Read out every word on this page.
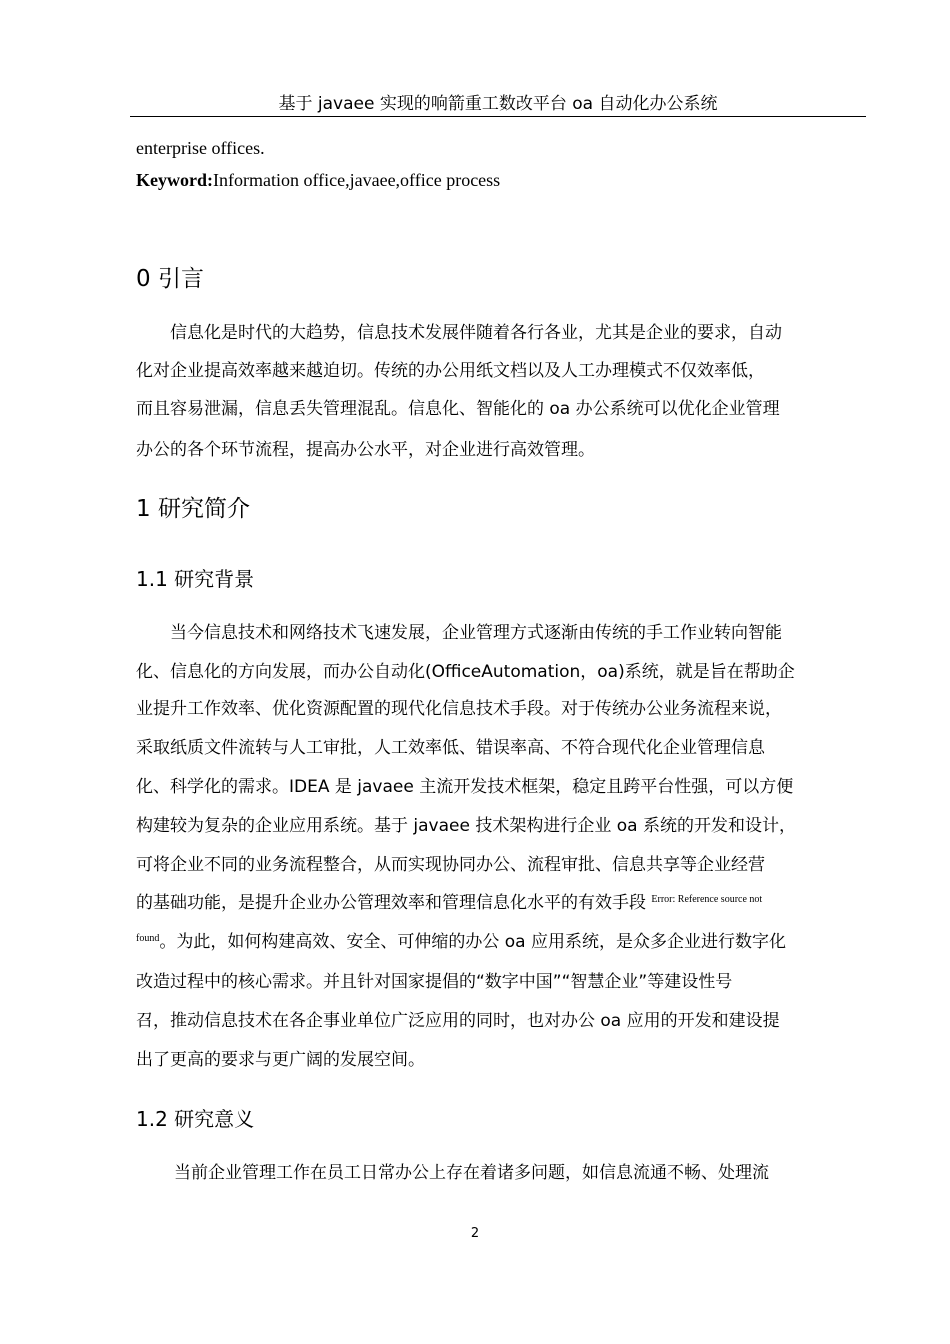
基于 javaee 实现的响箭重工数改平台 oa 自动化办公系统
enterprise offices.
Keyword:Information office,javaee,office process
0 引言
信息化是时代的大趋势，信息技术发展伴随着各行各业，尤其是企业的要求，自动
化对企业提高效率越来越迫切。传统的办公用纸文档以及人工办理模式不仅效率低，
而且容易泄漏，信息丢失管理混乱。信息化、智能化的 oa 办公系统可以优化企业管理
办公的各个环节流程，提高办公水平，对企业进行高效管理。
1 研究简介
1.1 研究背景
当今信息技术和网络技术飞速发展，企业管理方式逐渐由传统的手工作业转向智能
化、信息化的方向发展，而办公自动化(OfficeAutomation，oa)系统，就是旨在帮助企
业提升工作效率、优化资源配置的现代化信息技术手段。对于传统办公业务流程来说，
采取纸质文件流转与人工审批，人工效率低、错误率高、不符合现代化企业管理信息
化、科学化的需求。IDEA 是 javaee 主流开发技术框架，稳定且跨平台性强，可以方便
构建较为复杂的企业应用系统。基于 javaee 技术架构进行企业 oa 系统的开发和设计，
可将企业不同的业务流程整合，从而实现协同办公、流程审批、信息共享等企业经营
的基础功能，是提升企业办公管理效率和管理信息化水平的有效手段 $^{Error: Reference source not}$
$^{found}$。为此，如何构建高效、安全、可伸缩的办公 oa 应用系统，是众多企业进行数字化
改造过程中的核心需求。并且针对国家提倡的“数字中国”“智慧企业”等建设性号
召，推动信息技术在各企事业单位广泛应用的同时，也对办公 oa 应用的开发和建设提
出了更高的要求与更广阔的发展空间。
1.2 研究意义
当前企业管理工作在员工日常办公上存在着诸多问题，如信息流通不畅、处理流
2
